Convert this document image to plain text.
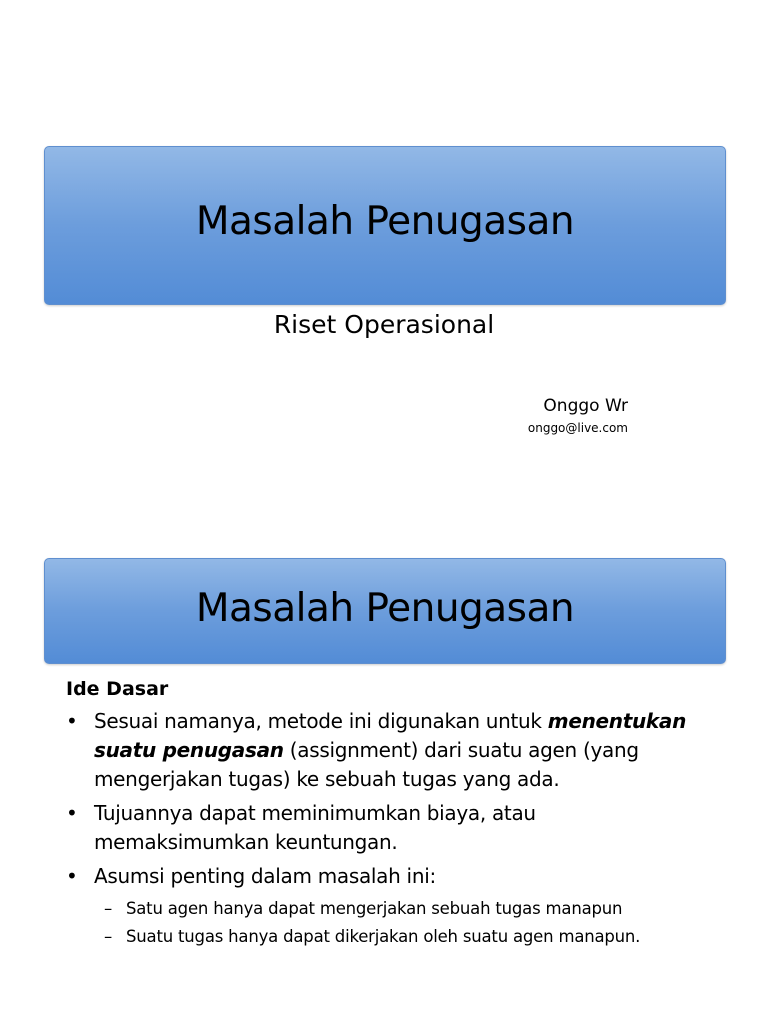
Masalah Penugasan
Riset Operasional
Onggo Wr
onggo@live.com
Masalah Penugasan
Ide Dasar
• Sesuai namanya, metode ini digunakan untuk menentukan suatu penugasan (assignment) dari suatu agen (yang mengerjakan tugas) ke sebuah tugas yang ada.
• Tujuannya dapat meminimumkan biaya, atau memaksimumkan keuntungan.
• Asumsi penting dalam masalah ini:
– Satu agen hanya dapat mengerjakan sebuah tugas manapun
– Suatu tugas hanya dapat dikerjakan oleh suatu agen manapun.
